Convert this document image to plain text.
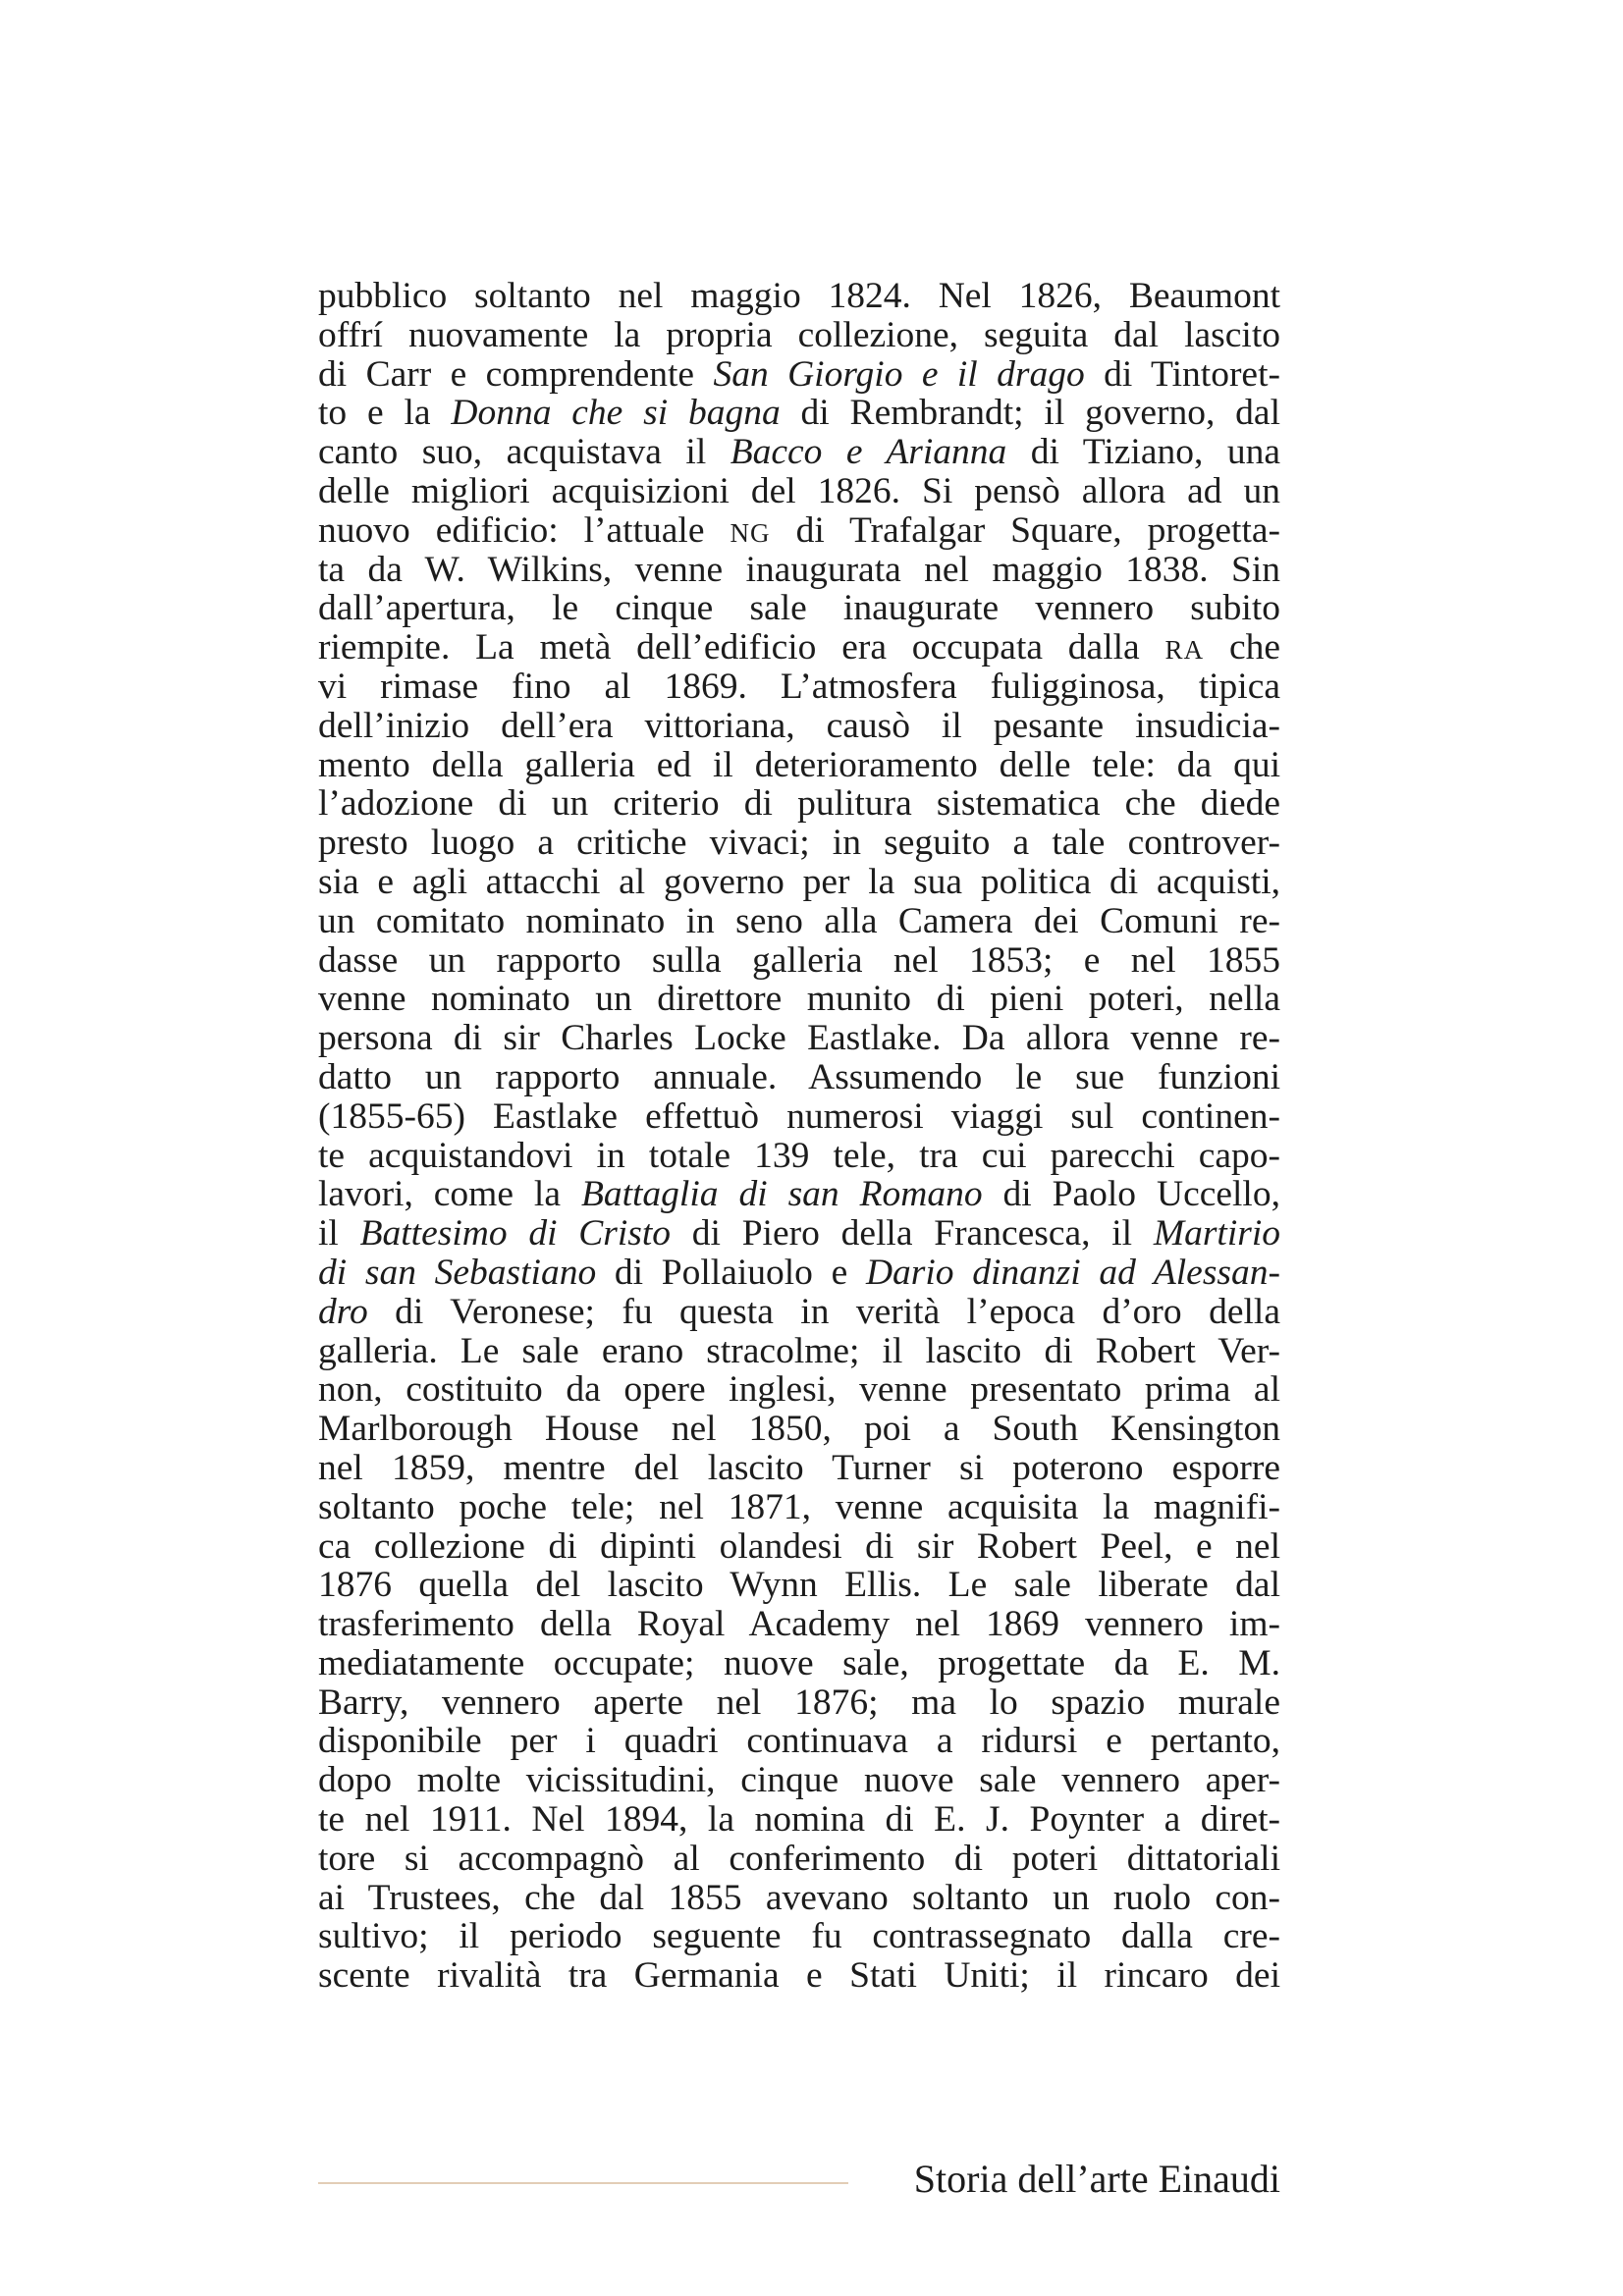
pubblico soltanto nel maggio 1824. Nel 1826, Beaumont
offrí nuovamente la propria collezione, seguita dal lascito
di Carr e comprendente San Giorgio e il drago di Tintoret-
to e la Donna che si bagna di Rembrandt; il governo, dal
canto suo, acquistava il Bacco e Arianna di Tiziano, una
delle migliori acquisizioni del 1826. Si pensò allora ad un
nuovo edificio: l’attuale NG di Trafalgar Square, progetta-
ta da W. Wilkins, venne inaugurata nel maggio 1838. Sin
dall’apertura, le cinque sale inaugurate vennero subito
riempite. La metà dell’edificio era occupata dalla RA che
vi rimase fino al 1869. L’atmosfera fuligginosa, tipica
dell’inizio dell’era vittoriana, causò il pesante insudicia-
mento della galleria ed il deterioramento delle tele: da qui
l’adozione di un criterio di pulitura sistematica che diede
presto luogo a critiche vivaci; in seguito a tale controver-
sia e agli attacchi al governo per la sua politica di acquisti,
un comitato nominato in seno alla Camera dei Comuni re-
dasse un rapporto sulla galleria nel 1853; e nel 1855
venne nominato un direttore munito di pieni poteri, nella
persona di sir Charles Locke Eastlake. Da allora venne re-
datto un rapporto annuale. Assumendo le sue funzioni
(1855-65) Eastlake effettuò numerosi viaggi sul continen-
te acquistandovi in totale 139 tele, tra cui parecchi capo-
lavori, come la Battaglia di san Romano di Paolo Uccello,
il Battesimo di Cristo di Piero della Francesca, il Martirio
di san Sebastiano di Pollaiuolo e Dario dinanzi ad Alessan-
dro di Veronese; fu questa in verità l’epoca d’oro della
galleria. Le sale erano stracolme; il lascito di Robert Ver-
non, costituito da opere inglesi, venne presentato prima al
Marlborough House nel 1850, poi a South Kensington
nel 1859, mentre del lascito Turner si poterono esporre
soltanto poche tele; nel 1871, venne acquisita la magnifi-
ca collezione di dipinti olandesi di sir Robert Peel, e nel
1876 quella del lascito Wynn Ellis. Le sale liberate dal
trasferimento della Royal Academy nel 1869 vennero im-
mediatamente occupate; nuove sale, progettate da E. M.
Barry, vennero aperte nel 1876; ma lo spazio murale
disponibile per i quadri continuava a ridursi e pertanto,
dopo molte vicissitudini, cinque nuove sale vennero aper-
te nel 1911. Nel 1894, la nomina di E. J. Poynter a diret-
tore si accompagnò al conferimento di poteri dittatoriali
ai Trustees, che dal 1855 avevano soltanto un ruolo con-
sultivo; il periodo seguente fu contrassegnato dalla cre-
scente rivalità tra Germania e Stati Uniti; il rincaro dei
Storia dell’arte Einaudi
